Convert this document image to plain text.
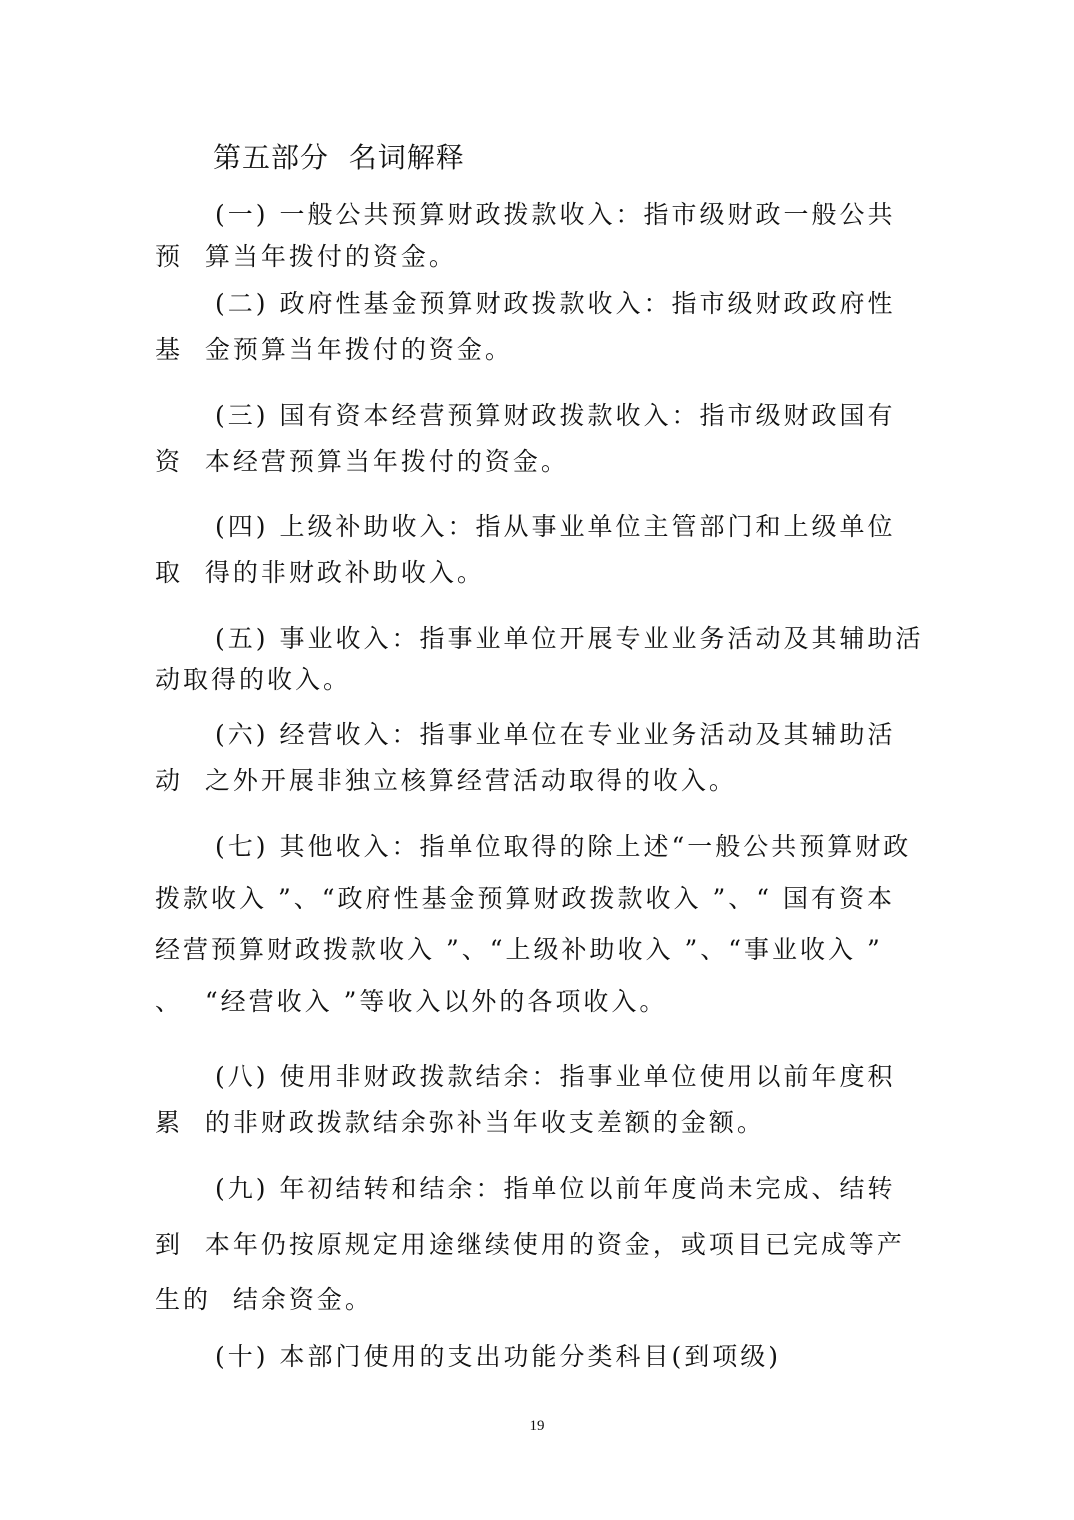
第五部分  名词解释
(一) 一般公共预算财政拨款收入：指市级财政一般公共
预  算当年拨付的资金。
(二) 政府性基金预算财政拨款收入：指市级财政政府性
基  金预算当年拨付的资金。
(三) 国有资本经营预算财政拨款收入：指市级财政国有
资  本经营预算当年拨付的资金。
(四) 上级补助收入：指从事业单位主管部门和上级单位
取  得的非财政补助收入。
(五) 事业收入：指事业单位开展专业业务活动及其辅助活
动取得的收入。
(六) 经营收入：指事业单位在专业业务活动及其辅助活
动  之外开展非独立核算经营活动取得的收入。
(七) 其他收入：指单位取得的除上述“一般公共预算财政
拨款收入 ”、“政府性基金预算财政拨款收入 ”、“ 国有资本
经营预算财政拨款收入 ”、“上级补助收入 ”、“事业收入 ”
、  “经营收入 ”等收入以外的各项收入。
(八) 使用非财政拨款结余：指事业单位使用以前年度积
累  的非财政拨款结余弥补当年收支差额的金额。
(九) 年初结转和结余：指单位以前年度尚未完成、结转
到  本年仍按原规定用途继续使用的资金，或项目已完成等产
生的  结余资金。
(十) 本部门使用的支出功能分类科目(到项级)
19
